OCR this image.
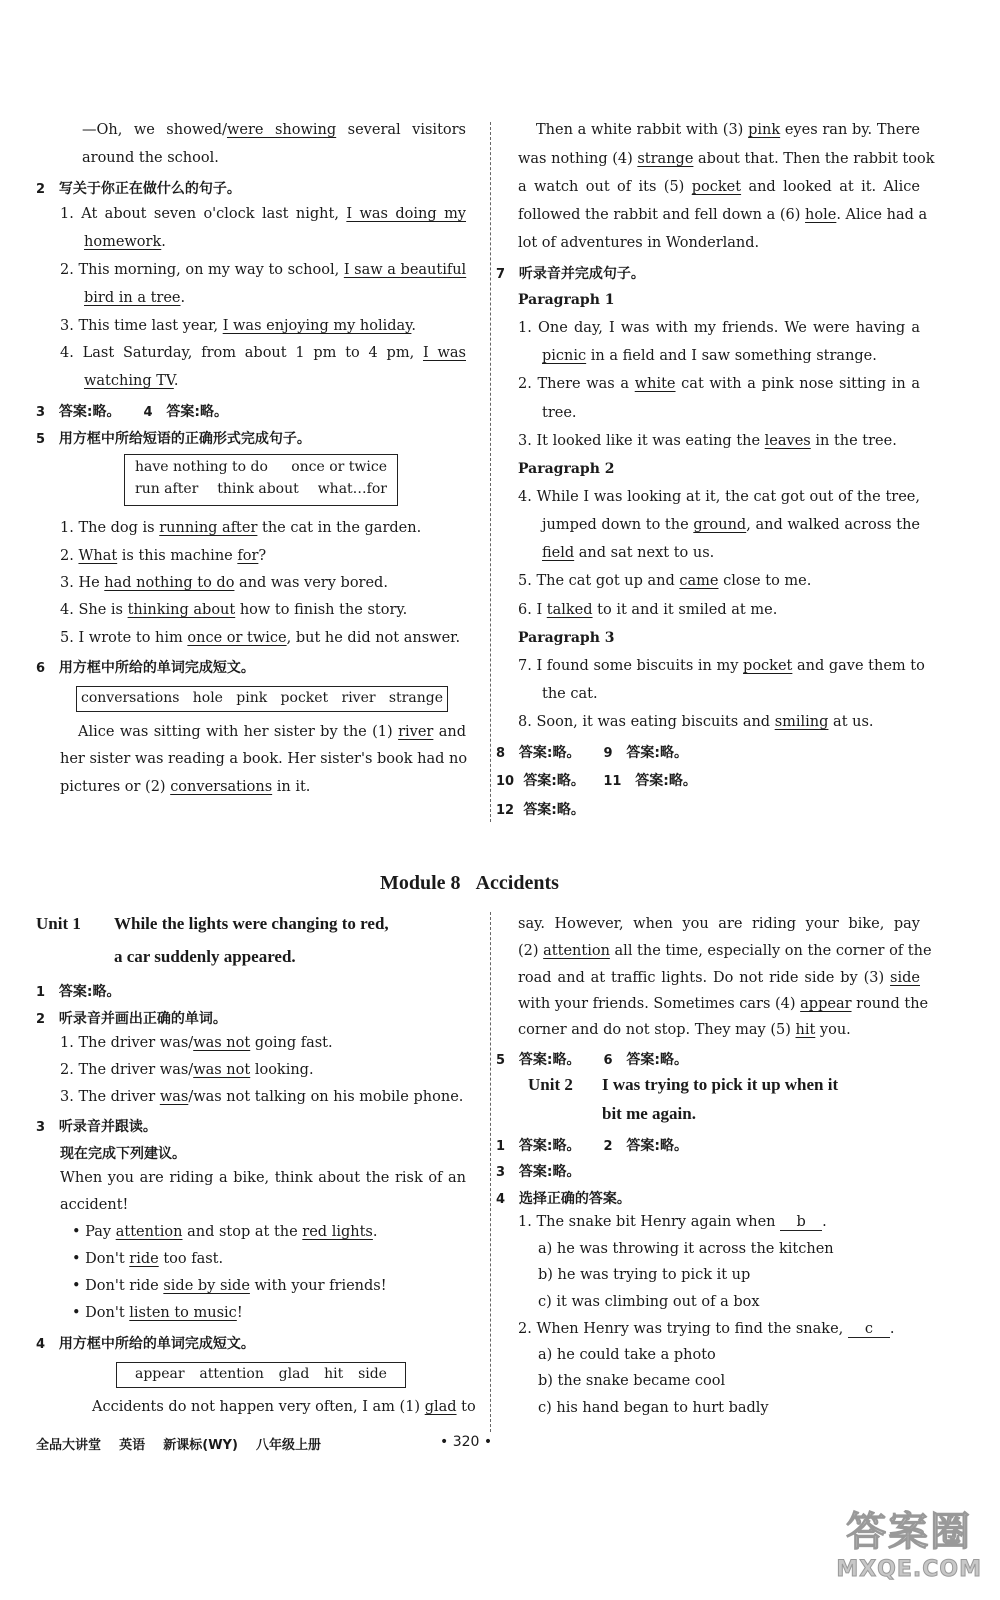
—Oh, we showed/were showing several visitors
around the school.
2 写关于你正在做什么的句子。
1. At about seven o'clock last night, I was doing my
homework.
2. This morning, on my way to school, I saw a beautiful
bird in a tree.
3. This time last year, I was enjoying my holiday.
4. Last Saturday, from about 1 pm to 4 pm, I was
watching TV.
3 答案:略。 4 答案:略。
5 用方框中所给短语的正确形式完成句子。
have nothing to do once or twice
run after think about what…for
1. The dog is running after the cat in the garden.
2. What is this machine for?
3. He had nothing to do and was very bored.
4. She is thinking about how to finish the story.
5. I wrote to him once or twice, but he did not answer.
6 用方框中所给的单词完成短文。
conversations hole pink pocket river strange
Alice was sitting with her sister by the (1) river and
her sister was reading a book. Her sister's book had no
pictures or (2) conversations in it.
Then a white rabbit with (3) pink eyes ran by. There
was nothing (4) strange about that. Then the rabbit took
a watch out of its (5) pocket and looked at it. Alice
followed the rabbit and fell down a (6) hole. Alice had a
lot of adventures in Wonderland.
7 听录音并完成句子。
Paragraph 1
1. One day, I was with my friends. We were having a
picnic in a field and I saw something strange.
2. There was a white cat with a pink nose sitting in a
tree.
3. It looked like it was eating the leaves in the tree.
Paragraph 2
4. While I was looking at it, the cat got out of the tree,
jumped down to the ground, and walked across the
field and sat next to us.
5. The cat got up and came close to me.
6. I talked to it and it smiled at me.
Paragraph 3
7. I found some biscuits in my pocket and gave them to
the cat.
8. Soon, it was eating biscuits and smiling at us.
8 答案:略。 9 答案:略。
10 答案:略。 11 答案:略。
12 答案:略。
Module 8 Accidents
Unit 1 While the lights were changing to red,
a car suddenly appeared.
1 答案:略。
2 听录音并画出正确的单词。
1. The driver was/was not going fast.
2. The driver was/was not looking.
3. The driver was/was not talking on his mobile phone.
3 听录音并跟读。
现在完成下列建议。
When you are riding a bike, think about the risk of an
accident!
• Pay attention and stop at the red lights.
• Don't ride too fast.
• Don't ride side by side with your friends!
• Don't listen to music!
4 用方框中所给的单词完成短文。
appear attention glad hit side
Accidents do not happen very often, I am (1) glad to
say. However, when you are riding your bike, pay
(2) attention all the time, especially on the corner of the
road and at traffic lights. Do not ride side by (3) side
with your friends. Sometimes cars (4) appear round the
corner and do not stop. They may (5) hit you.
5 答案:略。 6 答案:略。
Unit 2 I was trying to pick it up when it
bit me again.
1 答案:略。 2 答案:略。
3 答案:略。
4 选择正确的答案。
1. The snake bit Henry again when b .
a) he was throwing it across the kitchen
b) he was trying to pick it up
c) it was climbing out of a box
2. When Henry was trying to find the snake, c .
a) he could take a photo
b) the snake became cool
c) his hand began to hurt badly
全品大讲堂 英语 新课标(WY) 八年级上册	• 320 •
答案圈
MXQE.COM
